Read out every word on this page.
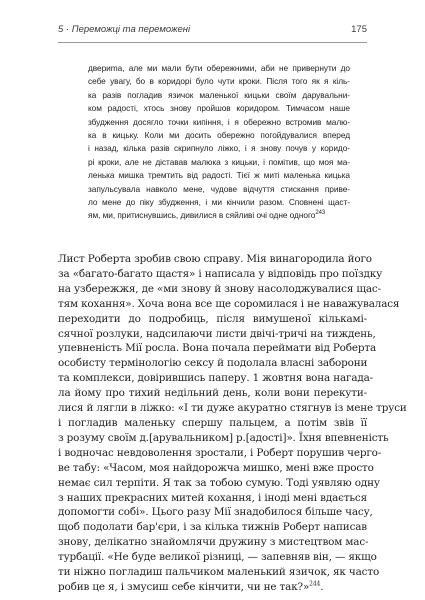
5 · Переможці та переможені	175
двериma, але ми мали бути обережними, аби не привернути до
себе увагу, бо в коридорі було чути кроки. Після того як я кіль-
ка разів погладив язичок маленької кицьки своїм дарувальни-
ком радості, хтось знову пройшов коридором. Тимчасом наше
збудження досягло точки кипіння, і я обережно встромив малю-
ка в кицьку. Коли ми досить обережно погойдувалися вперед
і назад, кілька разів скрипнуло ліжко, і я знову почув у коридо-
рі кроки, але не діставав малюка з кицьки, і помітив, що моя ма-
ленька мишка тремтить від радості. Тієї ж миті маленька кицька
запульсувала навколо мене, чудове відчуття стискання приве-
ло мене до піку збудження, і ми кінчили разом. Сповнені щаст-
ям, ми, притиснувшись, дивилися в сяйливі очі одне одного$^{243}$
Лист Роберта зробив свою справу. Мія винагородила його
за «багато-багато щастя» і написала у відповідь про поїздку
на узбережжя, де «ми знову й знову насолоджувалися щас-
тям кохання». Хоча вона все ще соромилася і не наважувалася
переходити до подробиць, після вимушеної кількамі-
сячної розлуки, надсилаючи листи двічі-тричі на тиждень,
упевненість Мії росла. Вона почала переймати від Роберта
особисту термінологію сексу й подолала власні заборони
та комплекси, довірившись паперу. 1 жовтня вона нагада-
ла йому про тихий недільний день, коли вони перекути-
лися й лягли в ліжко: «І ти дуже акуратно стягнув із мене труси
і погладив маленьку спершу пальцем, а потім звів її
з розуму своїм д.[арувальником] р.[адості]». Їхня впевненість
і водночас невдоволення зростали, і Роберт порушив черго-
ве табу: «Часом, моя найдорожча мишко, мені вже просто
немає сил терпіти. Я так за тобою сумую. Тоді уявляю одну
з наших прекрасних митей кохання, і іноді мені вдається
допомогти собі». Цього разу Мії знадобилося більше часу,
щоб подолати бар'єри, і за кілька тижнів Роберт написав
знову, делікатно знайомлячи дружину з мистецтвом мас-
турбації. «Не буде великої різниці, — запевняв він, — якщо
ти ніжно погладиш пальчиком маленький язичок, як часто
робив це я, і змусиш себе кінчити, чи не так?»$^{244}$.
